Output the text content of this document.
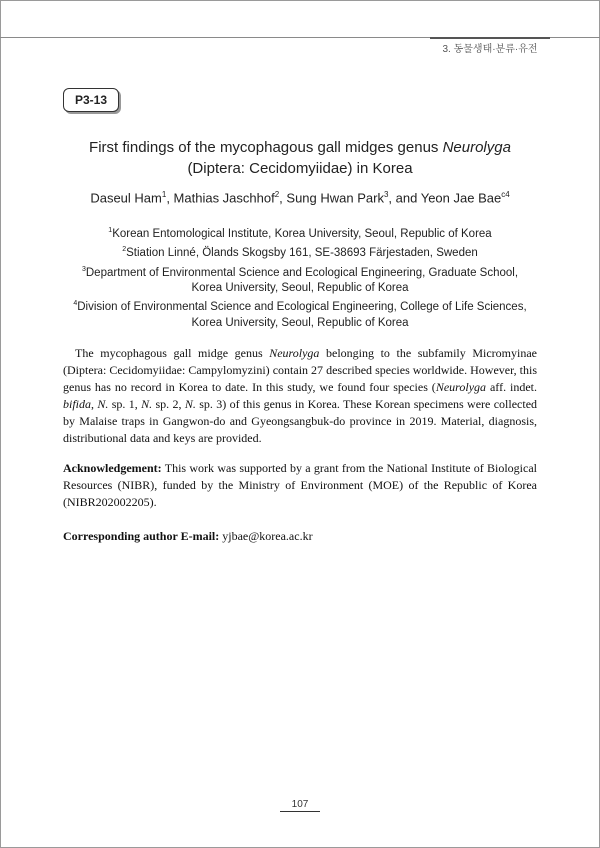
3. 동물생태·분류·유전
P3-13
First findings of the mycophagous gall midges genus Neurolyga
(Diptera: Cecidomyiidae) in Korea
Daseul Ham$^1$, Mathias Jaschhof$^2$, Sung Hwan Park$^3$, and Yeon Jae Bae$^{c4}$
$^1$Korean Entomological Institute, Korea University, Seoul, Republic of Korea
$^2$Stiation Linné, Ölands Skogsby 161, SE-38693 Färjestaden, Sweden
$^3$Department of Environmental Science and Ecological Engineering, Graduate School,
Korea University, Seoul, Republic of Korea
$^4$Division of Environmental Science and Ecological Engineering, College of Life Sciences,
Korea University, Seoul, Republic of Korea
The mycophagous gall midge genus Neurolyga belonging to the subfamily Micromyinae (Diptera: Cecidomyiidae: Campylomyzini) contain 27 described species worldwide. However, this genus has no record in Korea to date. In this study, we found four species (Neurolyga aff. indet. bifida, N. sp. 1, N. sp. 2, N. sp. 3) of this genus in Korea. These Korean specimens were collected by Malaise traps in Gangwon-do and Gyeongsangbuk-do province in 2019. Material, diagnosis, distributional data and keys are provided.
Acknowledgement: This work was supported by a grant from the National Institute of Biological Resources (NIBR), funded by the Ministry of Environment (MOE) of the Republic of Korea (NIBR202002205).
Corresponding author E-mail: yjbae@korea.ac.kr
107
